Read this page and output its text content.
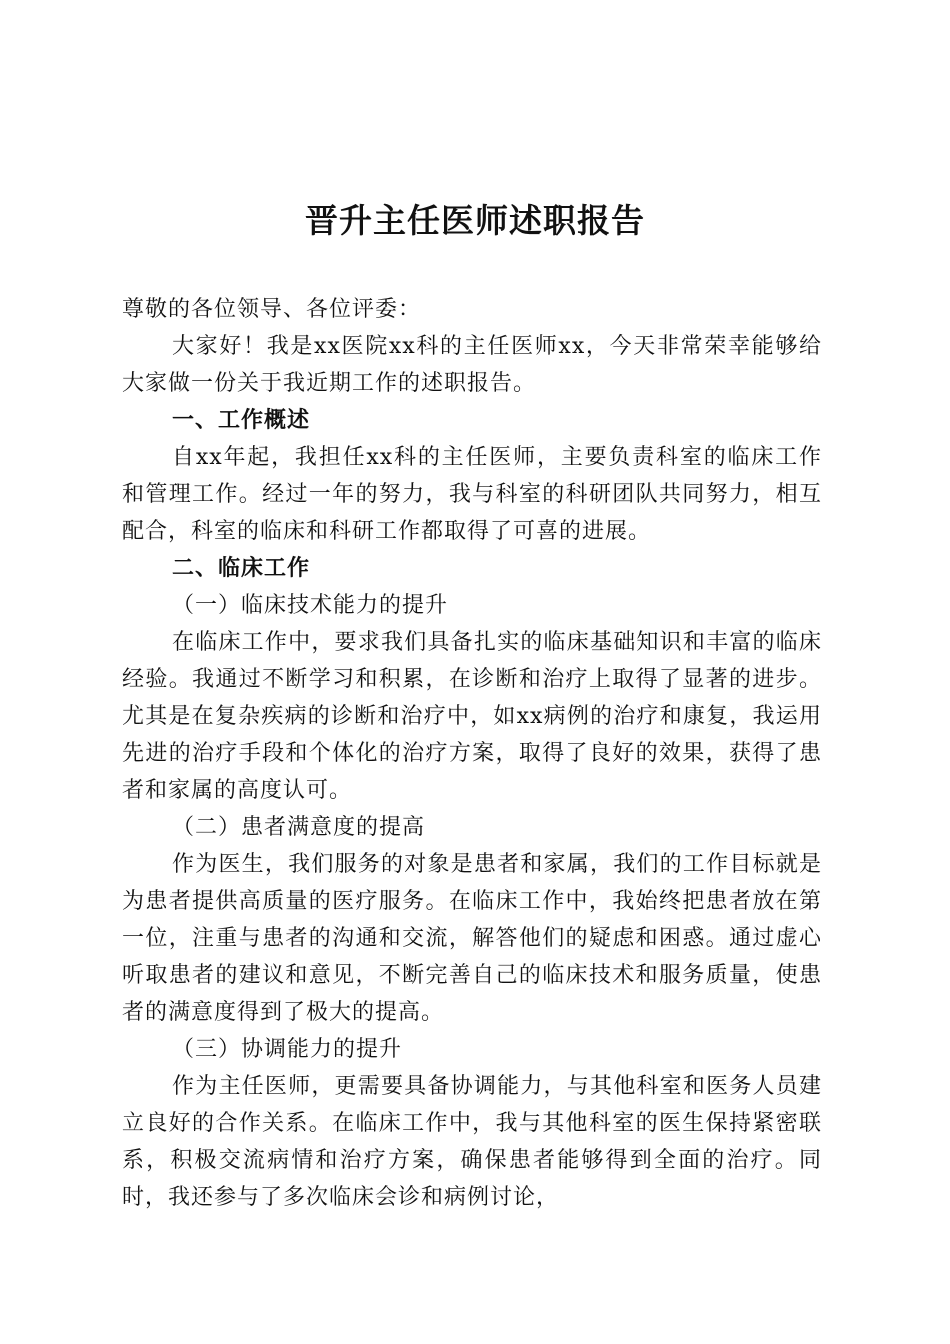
晋升主任医师述职报告

尊敬的各位领导、各位评委：

大家好！我是xx医院xx科的主任医师xx，今天非常荣幸能够给大家做一份关于我近期工作的述职报告。

一、工作概述

自xx年起，我担任xx科的主任医师，主要负责科室的临床工作和管理工作。经过一年的努力，我与科室的科研团队共同努力，相互配合，科室的临床和科研工作都取得了可喜的进展。

二、临床工作

（一）临床技术能力的提升

在临床工作中，要求我们具备扎实的临床基础知识和丰富的临床经验。我通过不断学习和积累，在诊断和治疗上取得了显著的进步。尤其是在复杂疾病的诊断和治疗中，如xx病例的治疗和康复，我运用先进的治疗手段和个体化的治疗方案，取得了良好的效果，获得了患者和家属的高度认可。

（二）患者满意度的提高

作为医生，我们服务的对象是患者和家属，我们的工作目标就是为患者提供高质量的医疗服务。在临床工作中，我始终把患者放在第一位，注重与患者的沟通和交流，解答他们的疑虑和困惑。通过虚心听取患者的建议和意见，不断完善自己的临床技术和服务质量，使患者的满意度得到了极大的提高。

（三）协调能力的提升

作为主任医师，更需要具备协调能力，与其他科室和医务人员建立良好的合作关系。在临床工作中，我与其他科室的医生保持紧密联系，积极交流病情和治疗方案，确保患者能够得到全面的治疗。同时，我还参与了多次临床会诊和病例讨论，
